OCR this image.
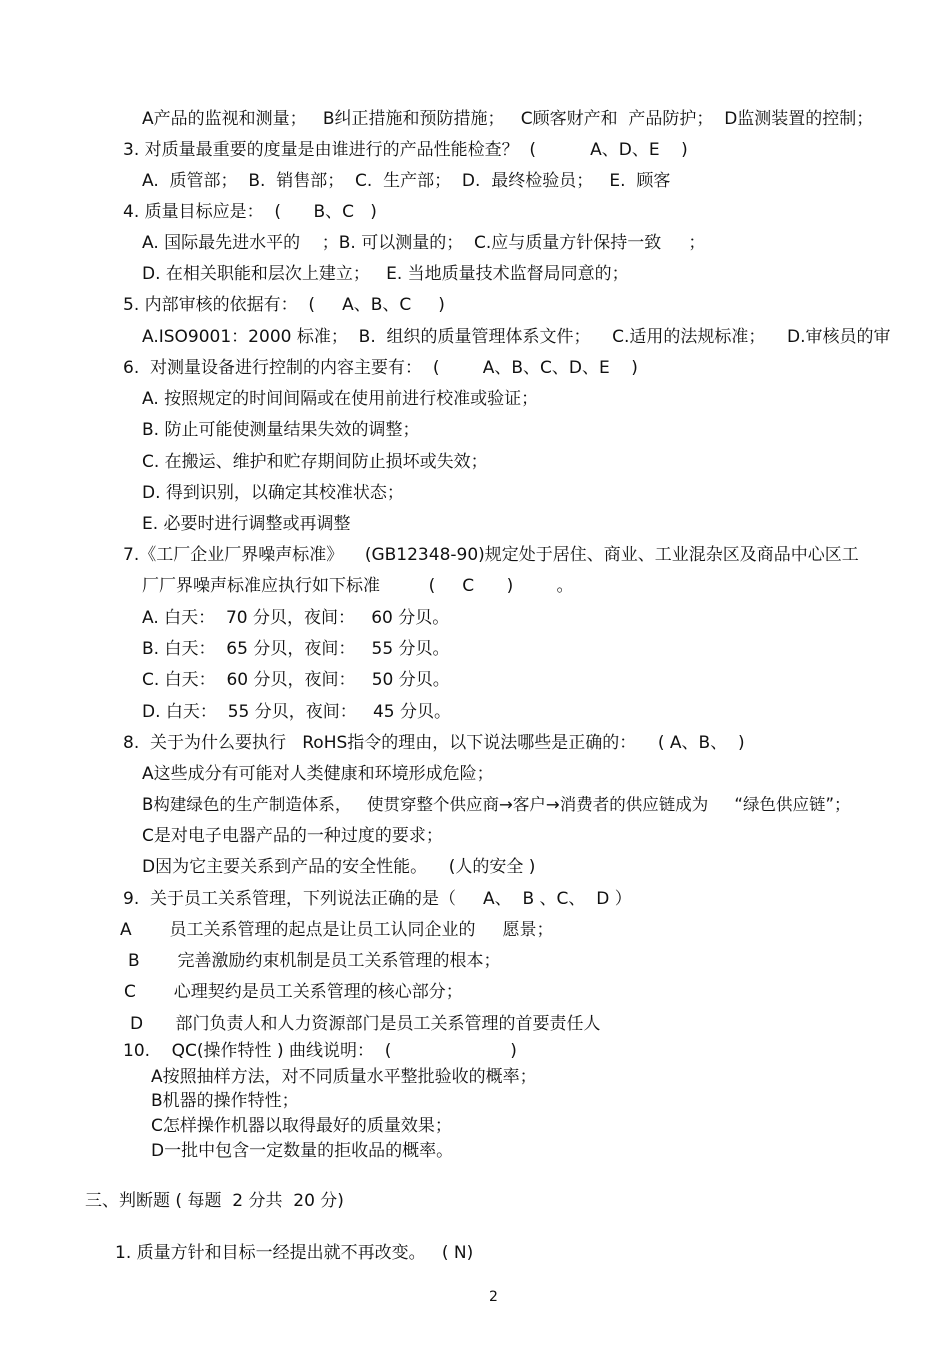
A产品的监视和测量；   B纠正措施和预防措施；   C顾客财产和  产品防护；  D监测装置的控制；
3. 对质量最重要的度量是由谁进行的产品性能检查？  (          A、D、E    )
A.  质管部；  B.  销售部；  C.  生产部；  D.  最终检验员；   E.  顾客
4. 质量目标应是：  (      B、C   )
A. 国际最先进水平的    ；B. 可以测量的；  C.应与质量方针保持一致     ；
D. 在相关职能和层次上建立；   E. 当地质量技术监督局同意的；
5. 内部审核的依据有：  (     A、B、C     )
A.ISO9001：2000 标准；  B.  组织的质量管理体系文件；    C.适用的法规标准；    D.审核员的审
6.  对测量设备进行控制的内容主要有：  (        A、B、C、D、E    )
A. 按照规定的时间间隔或在使用前进行校准或验证；
B. 防止可能使测量结果失效的调整；
C. 在搬运、维护和贮存期间防止损坏或失效；
D. 得到识别，以确定其校准状态；
E. 必要时进行调整或再调整
7.《工厂企业厂界噪声标准》    (GB12348-90)规定处于居住、商业、工业混杂区及商品中心区工
厂厂界噪声标准应执行如下标准         (     C      )        。
A. 白天：  70 分贝，夜间：   60 分贝。
B. 白天：  65 分贝，夜间：   55 分贝。
C. 白天：  60 分贝，夜间：   50 分贝。
D. 白天：  55 分贝，夜间：   45 分贝。
8.  关于为什么要执行   RoHS指令的理由，以下说法哪些是正确的：    ( A、B、  )
A这些成分有可能对人类健康和环境形成危险；
B构建绿色的生产制造体系，   使贯穿整个供应商→客户→消费者的供应链成为     “绿色供应链”；
C是对电子电器产品的一种过度的要求；
D因为它主要关系到产品的安全性能。    (人的安全 )
9.  关于员工关系管理，下列说法正确的是（     A、  B 、C、  D ）
A       员工关系管理的起点是让员工认同企业的     愿景；
B       完善激励约束机制是员工关系管理的根本；
C       心理契约是员工关系管理的核心部分；
D      部门负责人和人力资源部门是员工关系管理的首要责任人
10.    QC(操作特性 ) 曲线说明：  (                      )
A按照抽样方法，对不同质量水平整批验收的概率；
B机器的操作特性；
C怎样操作机器以取得最好的质量效果；
D一批中包含一定数量的拒收品的概率。
三、判断题 ( 每题  2 分共  20 分)
1. 质量方针和目标一经提出就不再改变。   ( N)
2
